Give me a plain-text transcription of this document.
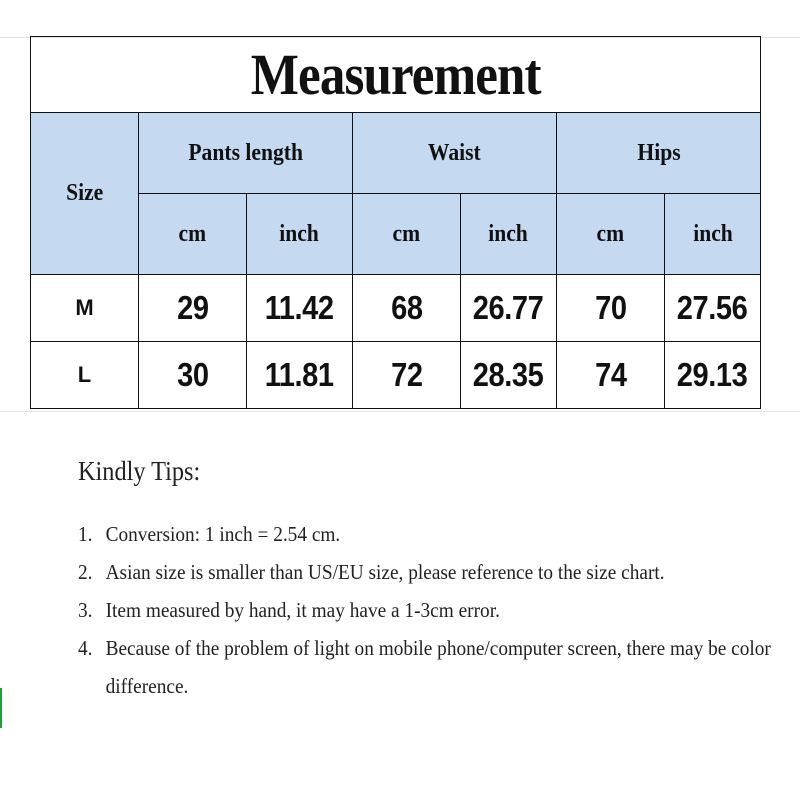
Measurement						
Size	Pants length		Waist		Hips	
	cm	inch	cm	inch	cm	inch
M	29	11.42	68	26.77	70	27.56
L	30	11.81	72	28.35	74	29.13
Kindly Tips:
1. Conversion: 1 inch = 2.54 cm.
2. Asian size is smaller than US/EU size, please reference to the size chart.
3. Item measured by hand, it may have a 1-3cm error.
4. Because of the problem of light on mobile phone/computer screen, there may be color difference.
